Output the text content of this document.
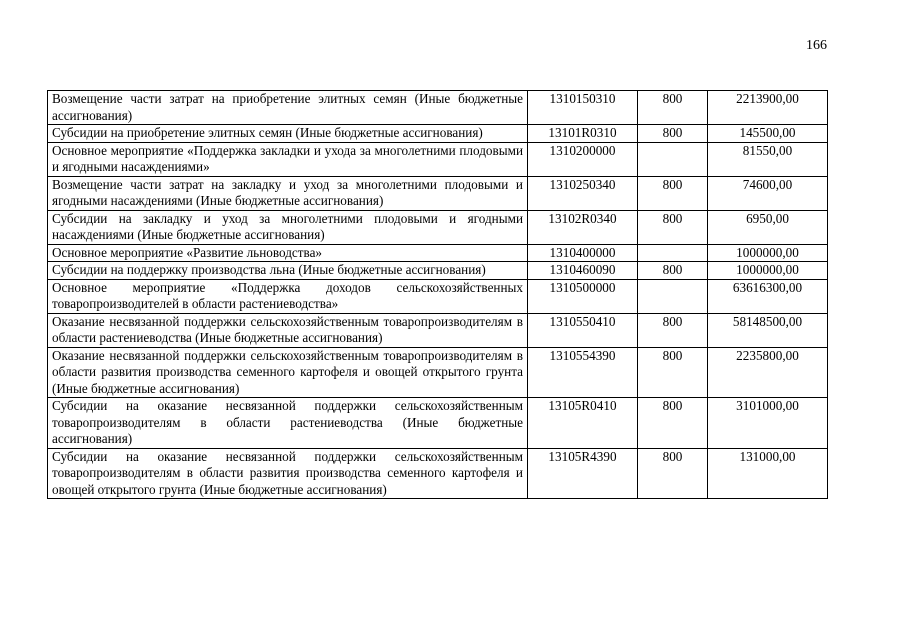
166
Возмещение части затрат на приобретение элитных семян (Иные бюджетные ассигнования)	1310150310	800	2213900,00
Субсидии на приобретение элитных семян (Иные бюджетные ассигнования)	13101R0310	800	145500,00
Основное мероприятие «Поддержка закладки и ухода за многолетними плодовыми и ягодными насаждениями»	1310200000		81550,00
Возмещение части затрат на закладку и уход за многолетними плодовыми и ягодными насаждениями (Иные бюджетные ассигнования)	1310250340	800	74600,00
Субсидии на закладку и уход за многолетними плодовыми и ягодными насаждениями (Иные бюджетные ассигнования)	13102R0340	800	6950,00
Основное мероприятие «Развитие льноводства»	1310400000		1000000,00
Субсидии на поддержку производства льна (Иные бюджетные ассигнования)	1310460090	800	1000000,00
Основное мероприятие «Поддержка доходов сельскохозяйственных товаропроизводителей в области растениеводства»	1310500000		63616300,00
Оказание несвязанной поддержки сельскохозяйственным товаропроизводителям в области растениеводства (Иные бюджетные ассигнования)	1310550410	800	58148500,00
Оказание несвязанной поддержки сельскохозяйственным товаропроизводителям в области развития производства семенного картофеля и овощей открытого грунта (Иные бюджетные ассигнования)	1310554390	800	2235800,00
Субсидии на оказание несвязанной поддержки сельскохозяйственным товаропроизводителям в области растениеводства (Иные бюджетные ассигнования)	13105R0410	800	3101000,00
Субсидии на оказание несвязанной поддержки сельскохозяйственным товаропроизводителям в области развития производства семенного картофеля и овощей открытого грунта (Иные бюджетные ассигнования)	13105R4390	800	131000,00
